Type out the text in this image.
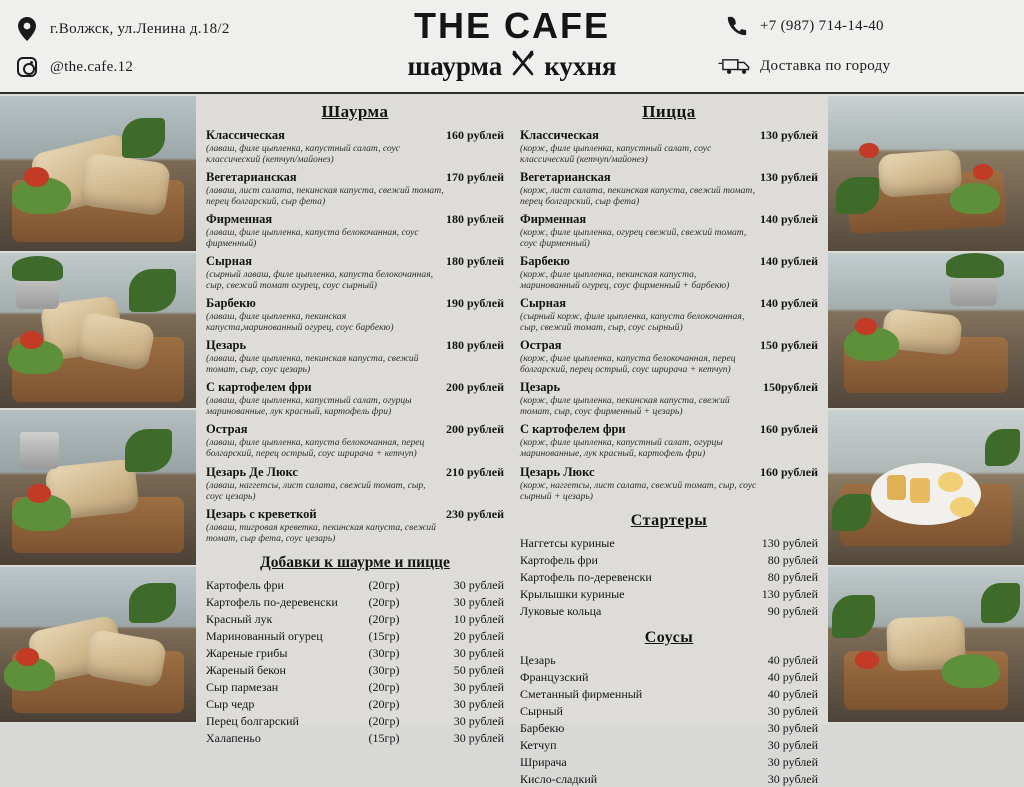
г.Волжск, ул.Ленина д.18/2
@the.cafe.12
THE CAFE
шаурма кухня
+7 (987) 714-14-40
Доставка по городу
Шаурма
Классическая	160 рублей
(лаваш, филе цыпленка, капустный салат, соус классический (кетчуп/майонез)
Вегетарианская	170 рублей
(лаваш, лист салата, пекинская капуста, свежий томат, перец болгарский, сыр фета)
Фирменная	180 рублей
(лаваш, филе цыпленка, капуста белокочанная, соус фирменный)
Сырная	180 рублей
(сырный лаваш, филе цыпленка, капуста белокочанная, сыр, свежий томат огурец, соус сырный)
Барбекю	190 рублей
(лаваш, филе цыпленка, пекинская капуста,маринованный огурец, соус барбекю)
Цезарь	180 рублей
(лаваш, филе цыпленка, пекинская капуста, свежий томат, сыр, соус цезарь)
С картофелем фри	200 рублей
(лаваш, филе цыпленка, капустный салат, огурцы маринованные, лук красный, картофель фри)
Острая	200 рублей
(лаваш, филе цыпленка, капуста белокочанная, перец болгарский, перец острый, соус шрирача + кетчуп)
Цезарь Де Люкс	210 рублей
(лаваш, наггетсы, лист салата, свежий томат, сыр, соус цезарь)
Цезарь с креветкой	230 рублей
(лаваш, тигровая креветка, пекинская капуста, свежий томат, сыр фета, соус цезарь)
Добавки к шаурме и пицце
Картофель фри	(20гр)	30 рублей
Картофель по-деревенски	(20гр)	30 рублей
Красный лук	(20гр)	10 рублей
Маринованный огурец	(15гр)	20 рублей
Жареные грибы	(30гр)	30 рублей
Жареный бекон	(30гр)	50 рублей
Сыр пармезан	(20гр)	30 рублей
Сыр чедр	(20гр)	30 рублей
Перец болгарский	(20гр)	30 рублей
Халапеньо	(15гр)	30 рублей
Пицца
Классическая	130 рублей
(корж, филе цыпленка, капустный салат, соус классический (кетчуп/майонез)
Вегетарианская	130 рублей
(корж, лист салата, пекинская капуста, свежий томат, перец болгарский, сыр фета)
Фирменная	140 рублей
(корж, филе цыпленка, огурец свежий, свежий томат, соус фирменный)
Барбекю	140 рублей
(корж, филе цыпленка, пекинская капуста, маринованный огурец, соус фирменный + барбекю)
Сырная	140 рублей
(сырный корж, филе цыпленка, капуста белокочанная, сыр, свежий томат, сыр, соус сырный)
Острая	150 рублей
(корж, филе цыпленка, капуста белокочанная, перец болгарский, перец острый, соус шрирача + кетчуп)
Цезарь	150рублей
(корж, филе цыпленка, пекинская капуста, свежий томат, сыр, соус фирменный + цезарь)
С картофелем фри	160 рублей
(корж, филе цыпленка, капустный салат, огурцы маринованные, лук красный, картофель фри)
Цезарь Люкс	160 рублей
(корж, наггетсы, лист салата, свежий томат, сыр, соус сырный + цезарь)
Стартеры
Наггетсы куриные	130 рублей
Картофель фри	80 рублей
Картофель по-деревенски	80 рублей
Крылышки куриные	130 рублей
Луковые кольца	90 рублей
Соусы
Цезарь	40 рублей
Французский	40 рублей
Сметанный фирменный	40 рублей
Сырный	30 рублей
Барбекю	30 рублей
Кетчуп	30 рублей
Шрирача	30 рублей
Кисло-сладкий	30 рублей
